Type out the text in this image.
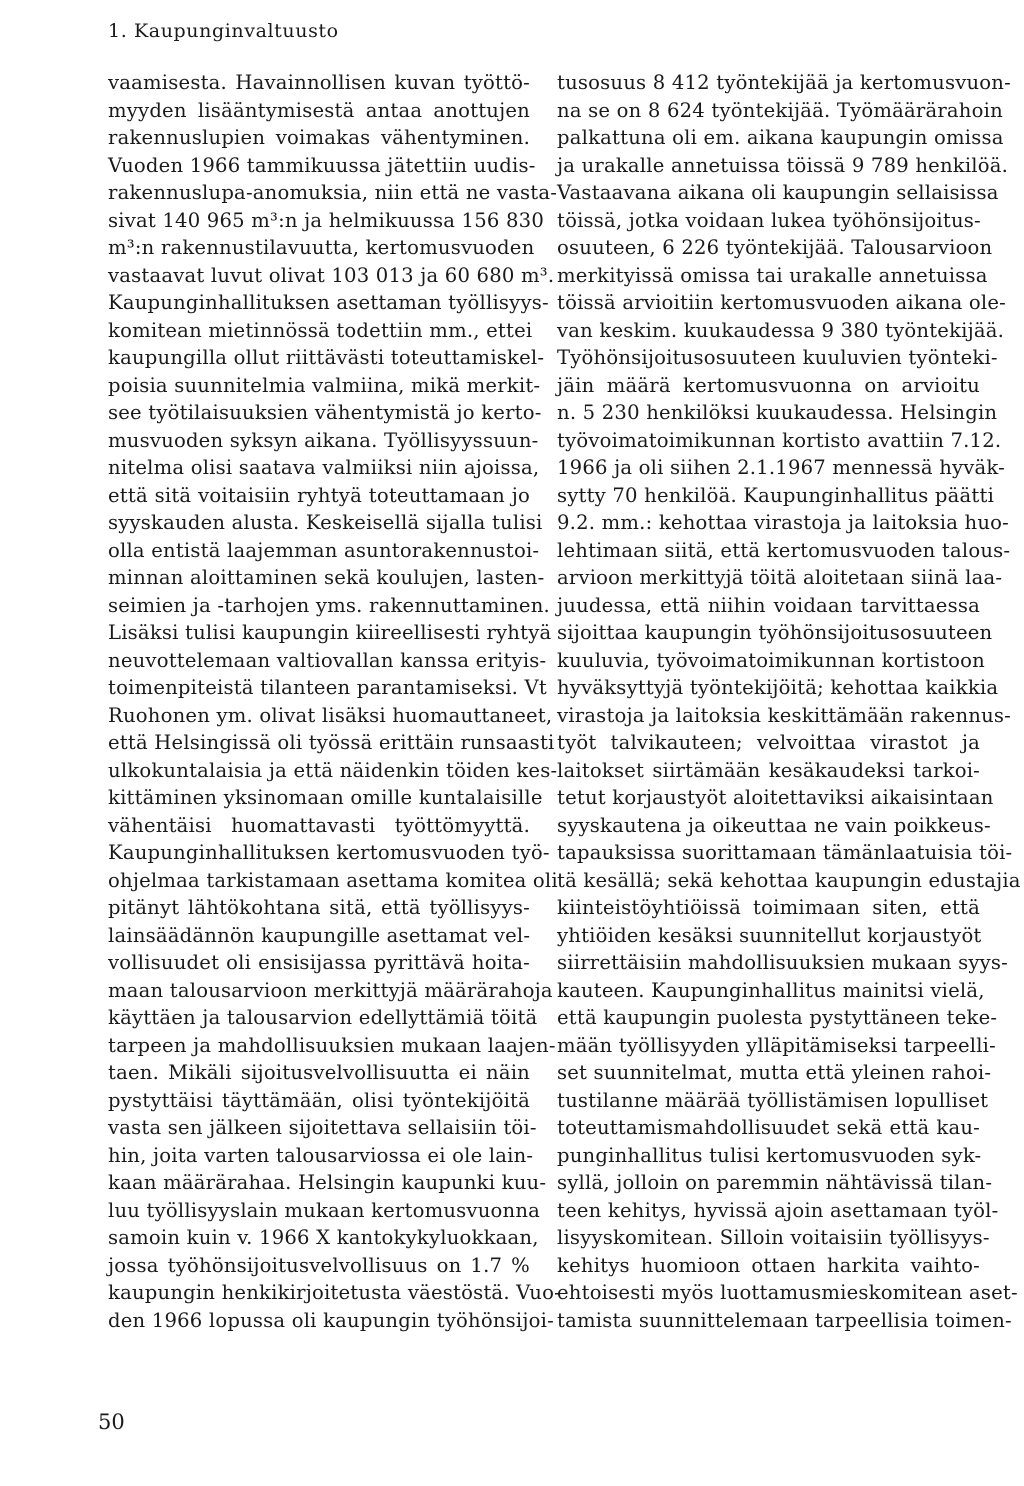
1. Kaupunginvaltuusto
vaamisesta. Havainnollisen kuvan työttö-
myyden lisääntymisestä antaa anottujen
rakennuslupien voimakas vähentyminen.
Vuoden 1966 tammikuussa jätettiin uudis-
rakennuslupa-anomuksia, niin että ne vasta-
sivat 140 965 m³:n ja helmikuussa 156 830
m³:n rakennustilavuutta, kertomusvuoden
vastaavat luvut olivat 103 013 ja 60 680 m³.
Kaupunginhallituksen asettaman työllisyys-
komitean mietinnössä todettiin mm., ettei
kaupungilla ollut riittävästi toteuttamiskel-
poisia suunnitelmia valmiina, mikä merkit-
see työtilaisuuksien vähentymistä jo kerto-
musvuoden syksyn aikana. Työllisyyssuun-
nitelma olisi saatava valmiiksi niin ajoissa,
että sitä voitaisiin ryhtyä toteuttamaan jo
syyskauden alusta. Keskeisellä sijalla tulisi
olla entistä laajemman asuntorakennustoi-
minnan aloittaminen sekä koulujen, lasten-
seimien ja -tarhojen yms. rakennuttaminen.
Lisäksi tulisi kaupungin kiireellisesti ryhtyä
neuvottelemaan valtiovallan kanssa erityis-
toimenpiteistä tilanteen parantamiseksi. Vt
Ruohonen ym. olivat lisäksi huomauttaneet,
että Helsingissä oli työssä erittäin runsaasti
ulkokuntalaisia ja että näidenkin töiden kes-
kittäminen yksinomaan omille kuntalaisille
vähentäisi huomattavasti työttömyyttä.
Kaupunginhallituksen kertomusvuoden työ-
ohjelmaa tarkistamaan asettama komitea oli
pitänyt lähtökohtana sitä, että työllisyys-
lainsäädännön kaupungille asettamat vel-
vollisuudet oli ensisijassa pyrittävä hoita-
maan talousarvioon merkittyjä määrärahoja
käyttäen ja talousarvion edellyttämiä töitä
tarpeen ja mahdollisuuksien mukaan laajen-
taen. Mikäli sijoitusvelvollisuutta ei näin
pystyttäisi täyttämään, olisi työntekijöitä
vasta sen jälkeen sijoitettava sellaisiin töi-
hin, joita varten talousarviossa ei ole lain-
kaan määrärahaa. Helsingin kaupunki kuu-
luu työllisyyslain mukaan kertomusvuonna
samoin kuin v. 1966 X kantokykyluokkaan,
jossa työhönsijoitusvelvollisuus on 1.7 %
kaupungin henkikirjoitetusta väestöstä. Vuo-
den 1966 lopussa oli kaupungin työhönsijoi-
tusosuus 8 412 työntekijää ja kertomusvuon-
na se on 8 624 työntekijää. Työmäärärahoin
palkattuna oli em. aikana kaupungin omissa
ja urakalle annetuissa töissä 9 789 henkilöä.
Vastaavana aikana oli kaupungin sellaisissa
töissä, jotka voidaan lukea työhönsijoitus-
osuuteen, 6 226 työntekijää. Talousarvioon
merkityissä omissa tai urakalle annetuissa
töissä arvioitiin kertomusvuoden aikana ole-
van keskim. kuukaudessa 9 380 työntekijää.
Työhönsijoitusosuuteen kuuluvien työnteki-
jäin määrä kertomusvuonna on arvioitu
n. 5 230 henkilöksi kuukaudessa. Helsingin
työvoimatoimikunnan kortisto avattiin 7.12.
1966 ja oli siihen 2.1.1967 mennessä hyväk-
sytty 70 henkilöä. Kaupunginhallitus päätti
9.2. mm.: kehottaa virastoja ja laitoksia huo-
lehtimaan siitä, että kertomusvuoden talous-
arvioon merkittyjä töitä aloitetaan siinä laa-
juudessa, että niihin voidaan tarvittaessa
sijoittaa kaupungin työhönsijoitusosuuteen
kuuluvia, työvoimatoimikunnan kortistoon
hyväksyttyjä työntekijöitä; kehottaa kaikkia
virastoja ja laitoksia keskittämään rakennus-
työt talvikauteen; velvoittaa virastot ja
laitokset siirtämään kesäkaudeksi tarkoi-
tetut korjaustyöt aloitettaviksi aikaisintaan
syyskautena ja oikeuttaa ne vain poikkeus-
tapauksissa suorittamaan tämänlaatuisia töi-
tä kesällä; sekä kehottaa kaupungin edustajia
kiinteistöyhtiöissä toimimaan siten, että
yhtiöiden kesäksi suunnitellut korjaustyöt
siirrettäisiin mahdollisuuksien mukaan syys-
kauteen. Kaupunginhallitus mainitsi vielä,
että kaupungin puolesta pystyttäneen teke-
mään työllisyyden ylläpitämiseksi tarpeelli-
set suunnitelmat, mutta että yleinen rahoi-
tustilanne määrää työllistämisen lopulliset
toteuttamismahdollisuudet sekä että kau-
punginhallitus tulisi kertomusvuoden syk-
syllä, jolloin on paremmin nähtävissä tilan-
teen kehitys, hyvissä ajoin asettamaan työl-
lisyyskomitean. Silloin voitaisiin työllisyys-
kehitys huomioon ottaen harkita vaihto-
ehtoisesti myös luottamusmieskomitean aset-
tamista suunnittelemaan tarpeellisia toimen-
50
